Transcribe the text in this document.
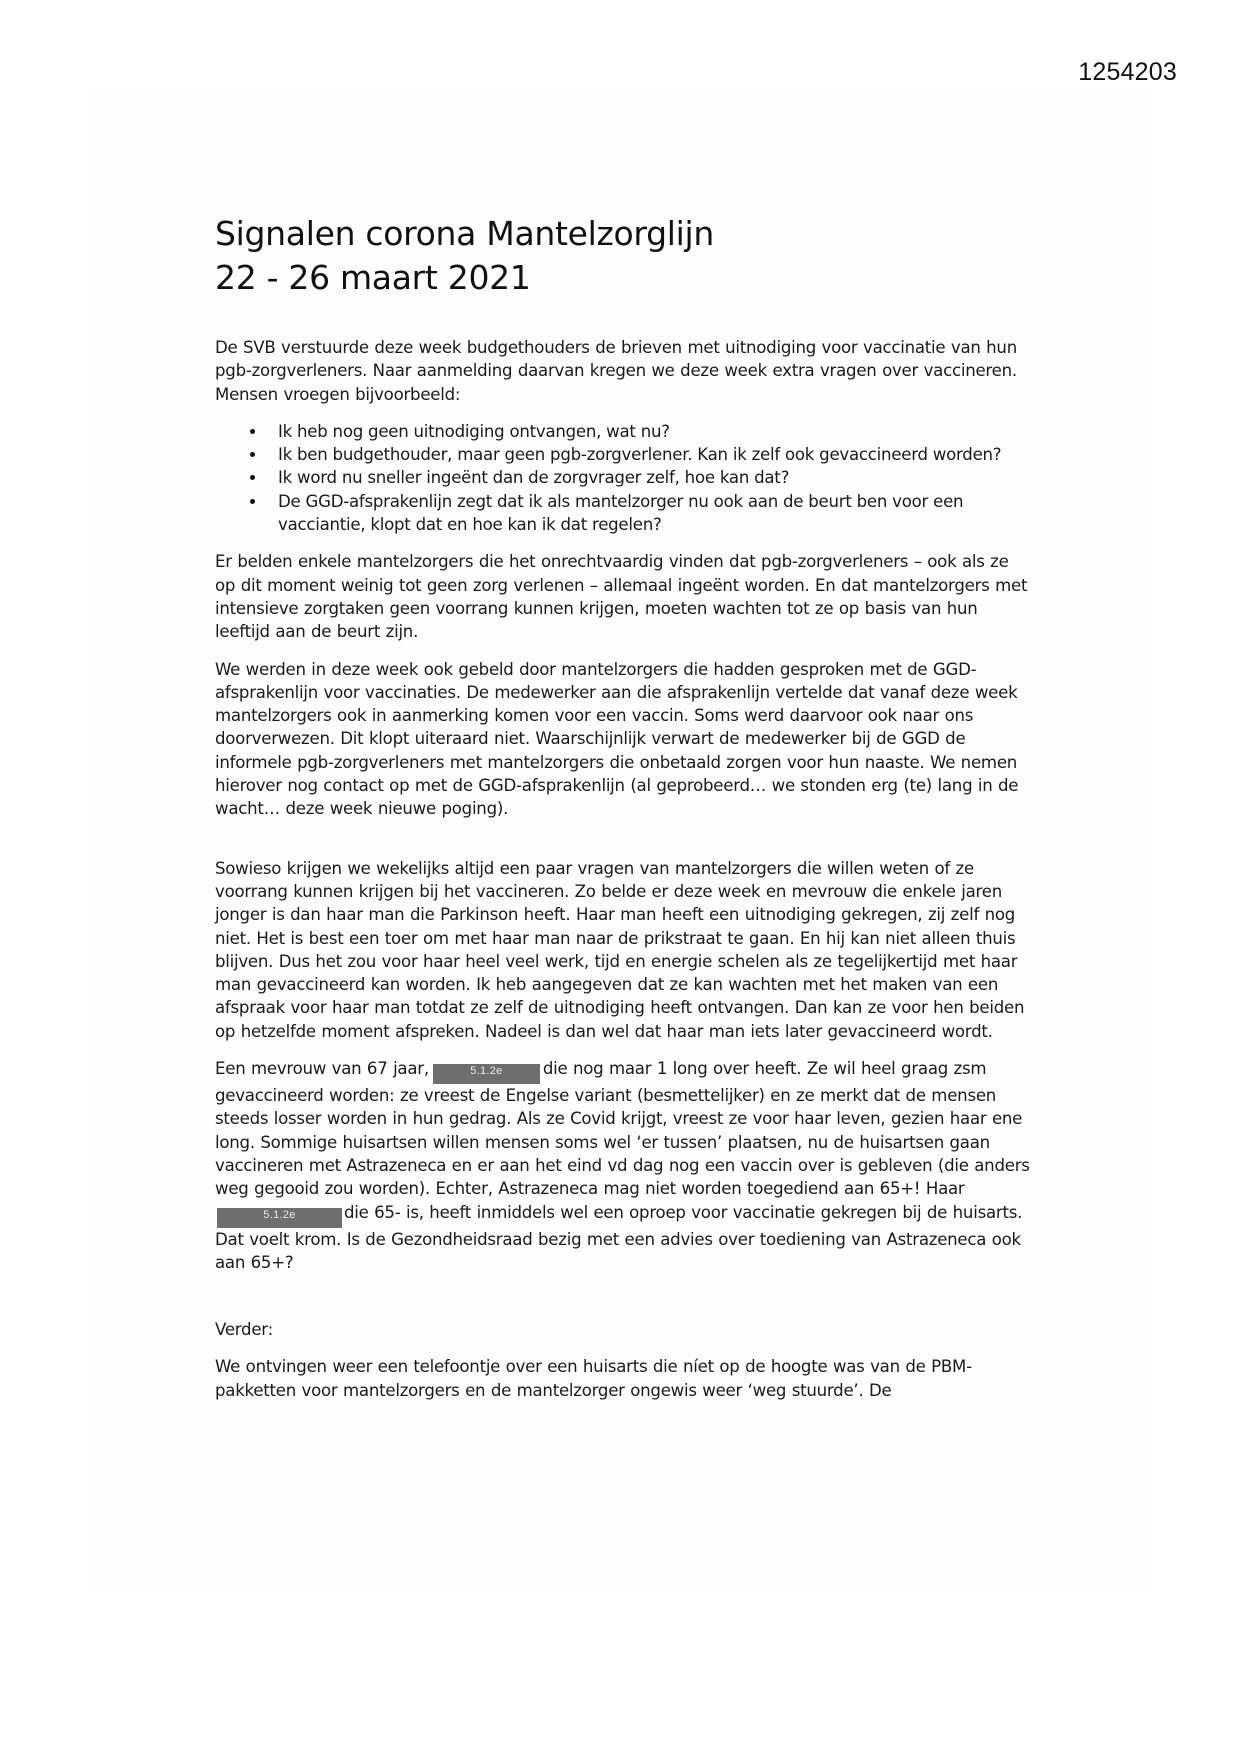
1254203
Signalen corona Mantelzorglijn
22 - 26 maart 2021

De SVB verstuurde deze week budgethouders de brieven met uitnodiging voor vaccinatie van hun pgb-zorgverleners. Naar aanmelding daarvan kregen we deze week extra vragen over vaccineren. Mensen vroegen bijvoorbeeld:

Ik heb nog geen uitnodiging ontvangen, wat nu?
Ik ben budgethouder, maar geen pgb-zorgverlener. Kan ik zelf ook gevaccineerd worden?
Ik word nu sneller ingeënt dan de zorgvrager zelf, hoe kan dat?
De GGD-afsprakenlijn zegt dat ik als mantelzorger nu ook aan de beurt ben voor een vacciantie, klopt dat en hoe kan ik dat regelen?

Er belden enkele mantelzorgers die het onrechtvaardig vinden dat pgb-zorgverleners – ook als ze op dit moment weinig tot geen zorg verlenen – allemaal ingeënt worden. En dat mantelzorgers met intensieve zorgtaken geen voorrang kunnen krijgen, moeten wachten tot ze op basis van hun leeftijd aan de beurt zijn.

We werden in deze week ook gebeld door mantelzorgers die hadden gesproken met de GGD-afsprakenlijn voor vaccinaties. De medewerker aan die afsprakenlijn vertelde dat vanaf deze week mantelzorgers ook in aanmerking komen voor een vaccin. Soms werd daarvoor ook naar ons doorverwezen. Dit klopt uiteraard niet. Waarschijnlijk verwart de medewerker bij de GGD de informele pgb-zorgverleners met mantelzorgers die onbetaald zorgen voor hun naaste. We nemen hierover nog contact op met de GGD-afsprakenlijn (al geprobeerd… we stonden erg (te) lang in de wacht… deze week nieuwe poging).

Sowieso krijgen we wekelijks altijd een paar vragen van mantelzorgers die willen weten of ze voorrang kunnen krijgen bij het vaccineren. Zo belde er deze week en mevrouw die enkele jaren jonger is dan haar man die Parkinson heeft. Haar man heeft een uitnodiging gekregen, zij zelf nog niet. Het is best een toer om met haar man naar de prikstraat te gaan. En hij kan niet alleen thuis blijven. Dus het zou voor haar heel veel werk, tijd en energie schelen als ze tegelijkertijd met haar man gevaccineerd kan worden. Ik heb aangegeven dat ze kan wachten met het maken van een afspraak voor haar man totdat ze zelf de uitnodiging heeft ontvangen. Dan kan ze voor hen beiden op hetzelfde moment afspreken. Nadeel is dan wel dat haar man iets later gevaccineerd wordt.

Een mevrouw van 67 jaar,	5.1.2e die nog maar 1 long over heeft. Ze wil heel graag zsm gevaccineerd worden: ze vreest de Engelse variant (besmettelijker) en ze merkt dat de mensen steeds losser worden in hun gedrag. Als ze Covid krijgt, vreest ze voor haar leven, gezien haar ene long. Sommige huisartsen willen mensen soms wel ‘er tussen’ plaatsen, nu de huisartsen gaan vaccineren met Astrazeneca en er aan het eind vd dag nog een vaccin over is gebleven (die anders weg gegooid zou worden). Echter, Astrazeneca mag niet worden toegediend aan 65+! Haar5.1.2e	die 65- is, heeft inmiddels wel een oproep voor vaccinatie gekregen bij de huisarts. Dat voelt krom. Is de Gezondheidsraad bezig met een advies over toediening van Astrazeneca ook aan 65+?

Verder:

We ontvingen weer een telefoontje over een huisarts die níet op de hoogte was van de PBM-pakketten voor mantelzorgers en de mantelzorger ongewis weer ‘weg stuurde’. De
